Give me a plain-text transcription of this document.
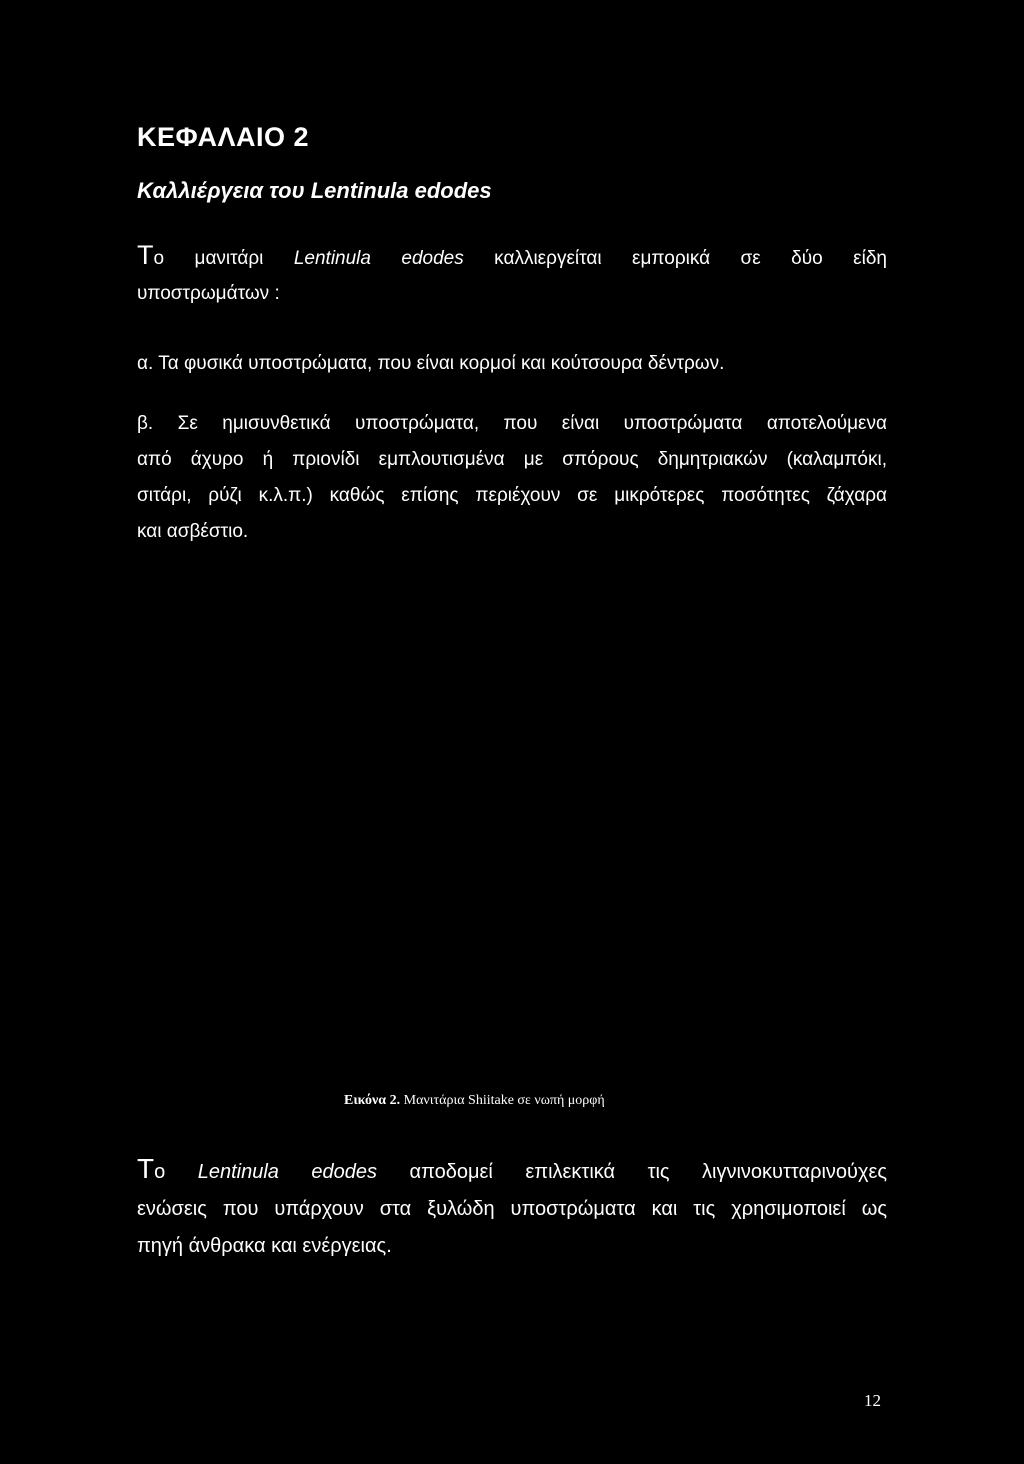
ΚΕΦΑΛΑΙΟ 2
Καλλιέργεια του Lentinula edodes
Το μανιτάρι Lentinula edodes καλλιεργείται εμπορικά σε δύο είδη
υποστρωμάτων :
α. Τα φυσικά υποστρώματα, που είναι κορμοί και κούτσουρα δέντρων.
β. Σε ημισυνθετικά υποστρώματα, που είναι υποστρώματα αποτελούμενα
από άχυρο ή πριονίδι εμπλουτισμένα με σπόρους δημητριακών (καλαμπόκι,
σιτάρι, ρύζι κ.λ.π.) καθώς επίσης περιέχουν σε μικρότερες ποσότητες ζάχαρα
και ασβέστιο.
Εικόνα 2. Μανιτάρια Shiitake σε νωπή μορφή
Το Lentinula edodes αποδομεί επιλεκτικά τις λιγνινοκυτταρινούχες
ενώσεις που υπάρχουν στα ξυλώδη υποστρώματα και τις χρησιμοποιεί ως
πηγή άνθρακα και ενέργειας.
12
